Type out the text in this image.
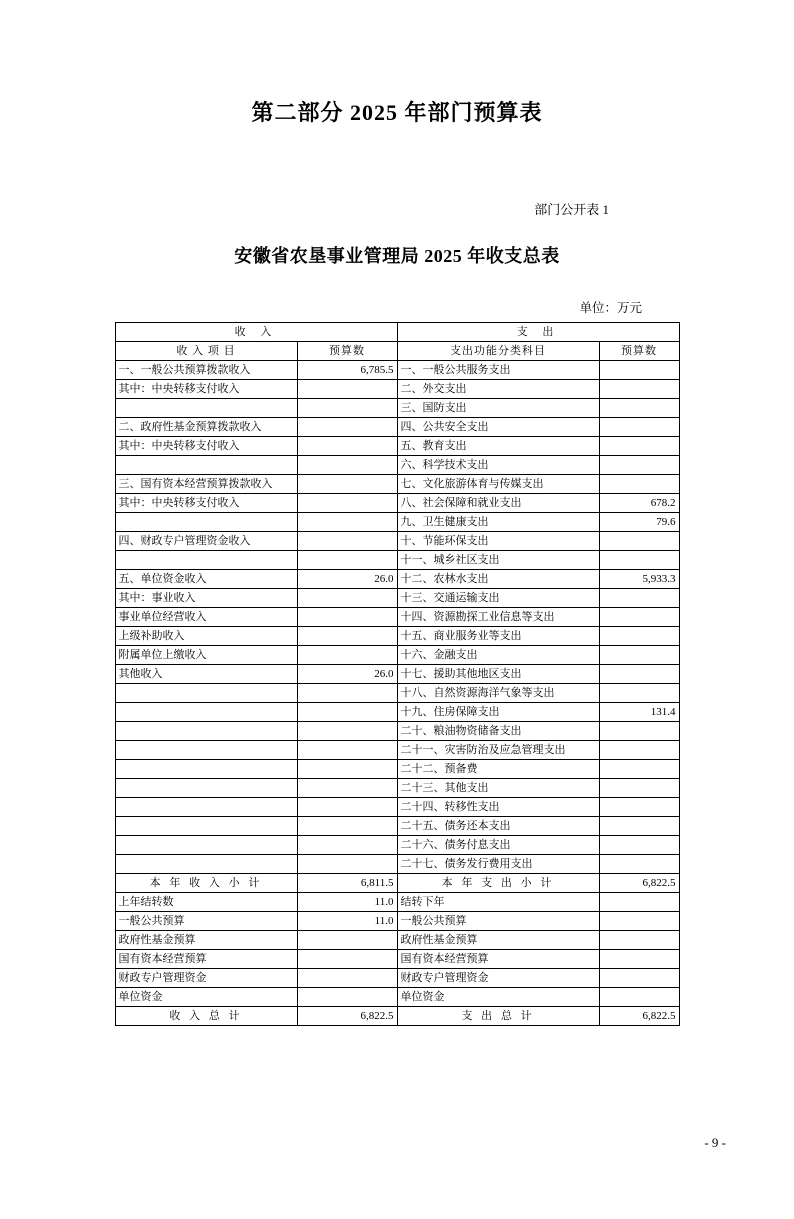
第二部分 2025 年部门预算表
部门公开表 1
安徽省农垦事业管理局 2025 年收支总表
单位：万元
收 入		支 出	
收 入 项 目	预算数	支出功能分类科目	预算数
一、一般公共预算拨款收入	6,785.5	一、一般公共服务支出	
其中：中央转移支付收入		二、外交支出	
		三、国防支出	
二、政府性基金预算拨款收入		四、公共安全支出	
其中：中央转移支付收入		五、教育支出	
		六、科学技术支出	
三、国有资本经营预算拨款收入		七、文化旅游体育与传媒支出	
其中：中央转移支付收入		八、社会保障和就业支出	678.2
		九、卫生健康支出	79.6
四、财政专户管理资金收入		十、节能环保支出	
		十一、城乡社区支出	
五、单位资金收入	26.0	十二、农林水支出	5,933.3
其中：事业收入		十三、交通运输支出	
事业单位经营收入		十四、资源勘探工业信息等支出	
上级补助收入		十五、商业服务业等支出	
附属单位上缴收入		十六、金融支出	
其他收入	26.0	十七、援助其他地区支出	
		十八、自然资源海洋气象等支出	
		十九、住房保障支出	131.4
		二十、粮油物资储备支出	
		二十一、灾害防治及应急管理支出	
		二十二、预备费	
		二十三、其他支出	
		二十四、转移性支出	
		二十五、债务还本支出	
		二十六、债务付息支出	
		二十七、债务发行费用支出	
本 年 收 入 小 计	6,811.5	本 年 支 出 小 计	6,822.5
上年结转数	11.0	结转下年	
一般公共预算	11.0	一般公共预算	
政府性基金预算		政府性基金预算	
国有资本经营预算		国有资本经营预算	
财政专户管理资金		财政专户管理资金	
单位资金		单位资金	
收 入 总 计	6,822.5	支 出 总 计	6,822.5
- 9 -
